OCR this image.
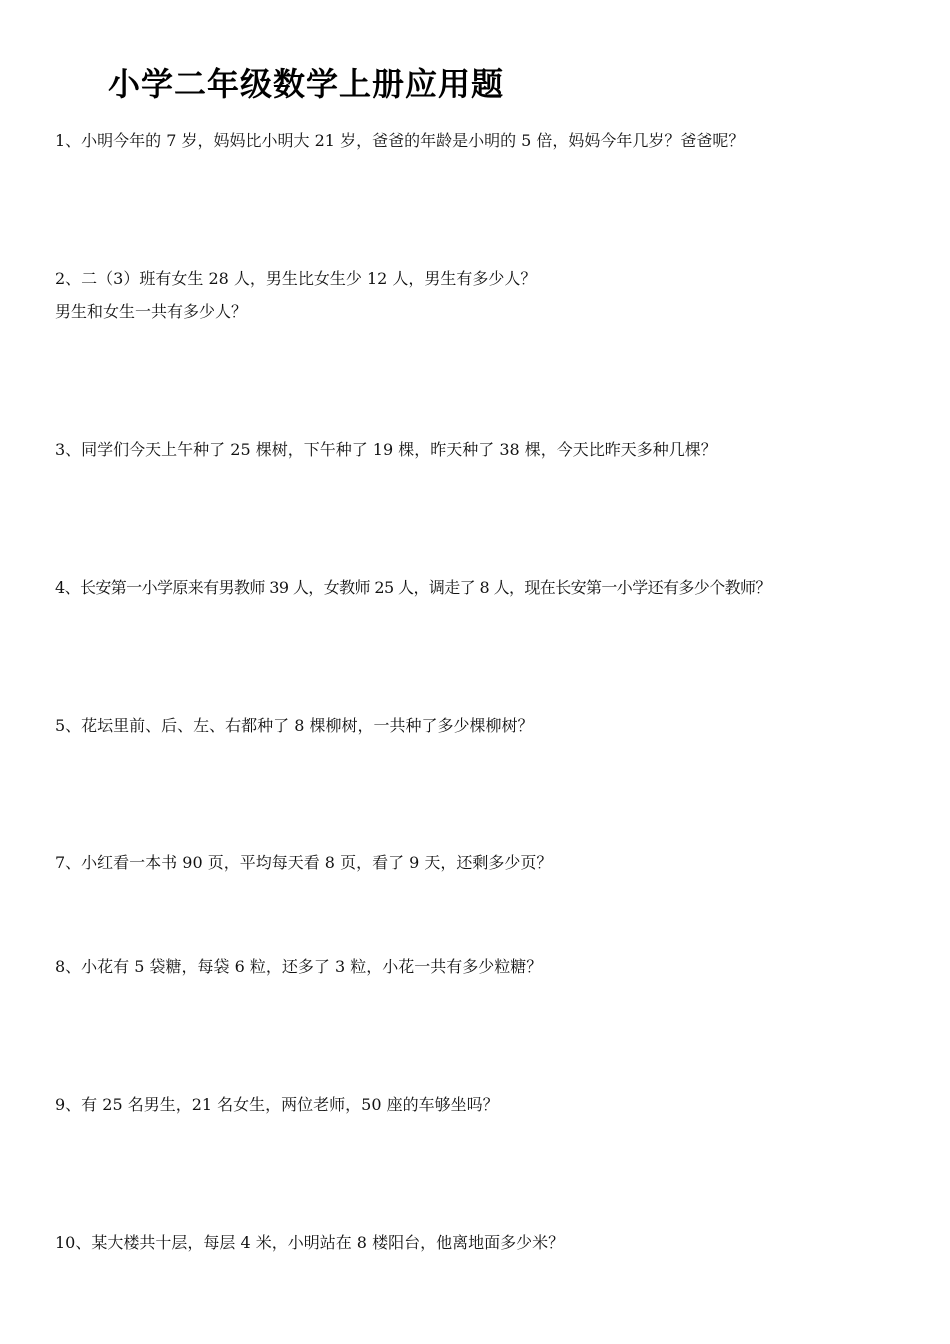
小学二年级数学上册应用题

1、小明今年的 7 岁，妈妈比小明大 21 岁，爸爸的年龄是小明的 5 倍，妈妈今年几岁？爸爸呢？

2、二（3）班有女生 28 人，男生比女生少 12 人，男生有多少人？
男生和女生一共有多少人？

3、同学们今天上午种了 25 棵树，下午种了 19 棵，昨天种了 38 棵，今天比昨天多种几棵？

4、长安第一小学原来有男教师 39 人，女教师 25 人，调走了 8 人，现在长安第一小学还有多少个教师？

5、花坛里前、后、左、右都种了 8 棵柳树，一共种了多少棵柳树？

7、小红看一本书 90 页，平均每天看 8 页，看了 9 天，还剩多少页？

8、小花有 5 袋糖，每袋 6 粒，还多了 3 粒，小花一共有多少粒糖？

9、有 25 名男生，21 名女生，两位老师，50 座的车够坐吗？

10、某大楼共十层，每层 4 米，小明站在 8 楼阳台，他离地面多少米？
